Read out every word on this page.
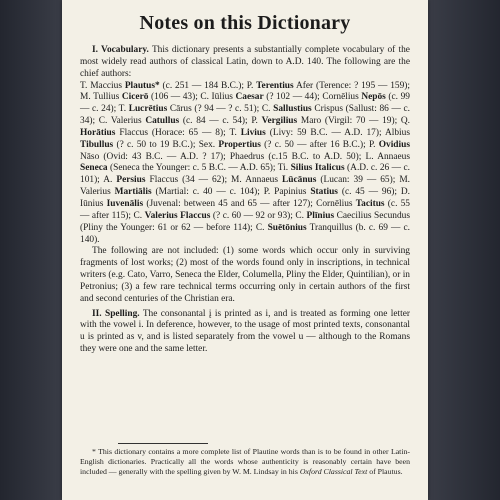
Notes on this Dictionary

I. Vocabulary. This dictionary presents a substantially complete vocabulary of the most widely read authors of classical Latin, down to A.D. 140. The following are the chief authors:

T. Maccius Plautus* (c. 251 — 184 B.C.); P. Terentius Afer (Terence: ? 195 — 159); M. Tullius Cicerō (106 — 43); C. Iūlius Caesar (? 102 — 44); Cornēlius Nepōs (c. 99 — c. 24); T. Lucrētius Cārus (? 94 — ? c. 51); C. Sallustius Crispus (Sallust: 86 — c. 34); C. Valerius Catullus (c. 84 — c. 54); P. Vergilius Maro (Virgil: 70 — 19); Q. Horātius Flaccus (Horace: 65 — 8); T. Livius (Livy: 59 B.C. — A.D. 17); Albius Tibullus (? c. 50 to 19 B.C.); Sex. Propertius (? c. 50 — after 16 B.C.); P. Ovidius Nāso (Ovid: 43 B.C. — A.D. ? 17); Phaedrus (c.15 B.C. to A.D. 50); L. Annaeus Seneca (Seneca the Younger: c. 5 B.C. — A.D. 65); Ti. Silius Italicus (A.D. c. 26 — c. 101); A. Persius Flaccus (34 — 62); M. Annaeus Lūcānus (Lucan: 39 — 65); M. Valerius Martiālis (Martial: c. 40 — c. 104); P. Papinius Statius (c. 45 — 96); D. Iūnius Iuvenālis (Juvenal: between 45 and 65 — after 127); Cornēlius Tacitus (c. 55 — after 115); C. Valerius Flaccus (? c. 60 — 92 or 93); C. Plīnius Caecilius Secundus (Pliny the Younger: 61 or 62 — before 114); C. Suētōnius Tranquillus (b. c. 69 — c. 140).

The following are not included: (1) some words which occur only in surviving fragments of lost works; (2) most of the words found only in inscriptions, in technical writers (e.g. Cato, Varro, Seneca the Elder, Columella, Pliny the Elder, Quintilian), or in Petronius; (3) a few rare technical terms occurring only in certain authors of the first and second centuries of the Christian era.

II. Spelling. The consonantal į is printed as i, and is treated as forming one letter with the vowel i. In deference, however, to the usage of most printed texts, consonantal u is printed as v, and is listed separately from the vowel u — although to the Romans they were one and the same letter.

* This dictionary contains a more complete list of Plautine words than is to be found in other Latin-English dictionaries. Practically all the words whose authenticity is reasonably certain have been included — generally with the spelling given by W. M. Lindsay in his Oxford Classical Text of Plautus.
